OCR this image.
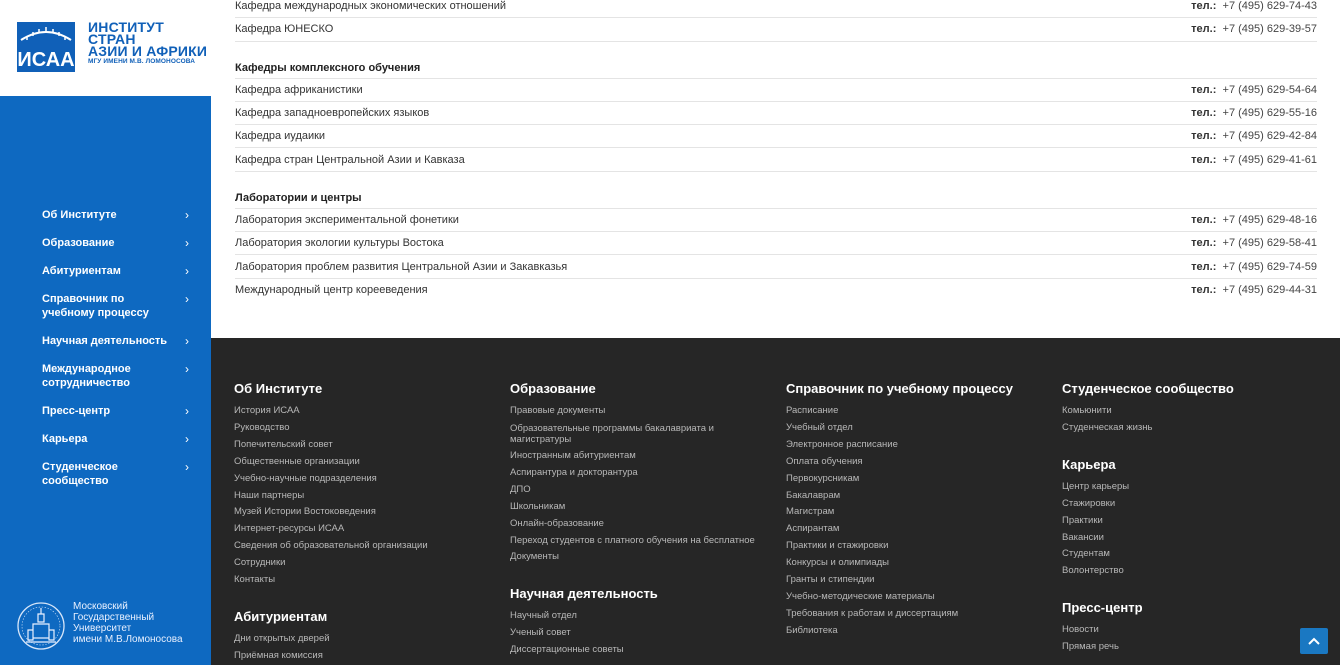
ИСАА
ИНСТИТУТ
СТРАН
АЗИИ И АФРИКИ
МГУ ИМЕНИ М.В. ЛОМОНОСОВА
Об Институте	›
Образование	›
Абитуриентам	›
Справочник по учебному процессу
›
Научная деятельность ›
Международное сотрудничество
›
Пресс-центр	›
Карьера	›
Студенческое сообщество
›
Московский
Государственный
Университет
имени М.В.Ломоносова
Кафедра международных экономических отношений	тел.: +7 (495) 629-74-43
Кафедра ЮНЕСКО	тел.: +7 (495) 629-39-57
Кафедры комплексного обучения
Кафедра африканистики	тел.: +7 (495) 629-54-64
Кафедра западноевропейских языков	тел.: +7 (495) 629-55-16
Кафедра иудаики	тел.: +7 (495) 629-42-84
Кафедра стран Центральной Азии и Кавказа	тел.: +7 (495) 629-41-61
Лаборатории и центры
Лаборатория экспериментальной фонетики	тел.: +7 (495) 629-48-16
Лаборатория экологии культуры Востока	тел.: +7 (495) 629-58-41
Лаборатория проблем развития Центральной Азии и Закавказья	тел.: +7 (495) 629-74-59
Международный центр корееведения	тел.: +7 (495) 629-44-31
Об Институте
История ИСАА
Руководство
Попечительский совет
Общественные организации
Учебно-научные подразделения
Наши партнеры
Музей Истории Востоковедения
Интернет-ресурсы ИСАА
Сведения об образовательной организации
Сотрудники
Контакты
Абитуриентам
Дни открытых дверей
Приёмная комиссия
Образование
Правовые документы
Образовательные программы бакалавриата и магистратуры
Иностранным абитуриентам
Аспирантура и докторантура
ДПО
Школьникам
Онлайн-образование
Переход студентов с платного обучения на бесплатное
Документы
Научная деятельность
Научный отдел
Ученый совет
Диссертационные советы
Справочник по учебному процессу
Расписание
Учебный отдел
Электронное расписание
Оплата обучения
Первокурсникам
Бакалаврам
Магистрам
Аспирантам
Практики и стажировки
Конкурсы и олимпиады
Гранты и стипендии
Учебно-методические материалы
Требования к работам и диссертациям
Библиотека
Студенческое сообщество
Комьюнити
Студенческая жизнь
Карьера
Центр карьеры
Стажировки
Практики
Вакансии
Студентам
Волонтерство
Пресс-центр
Новости
Прямая речь
